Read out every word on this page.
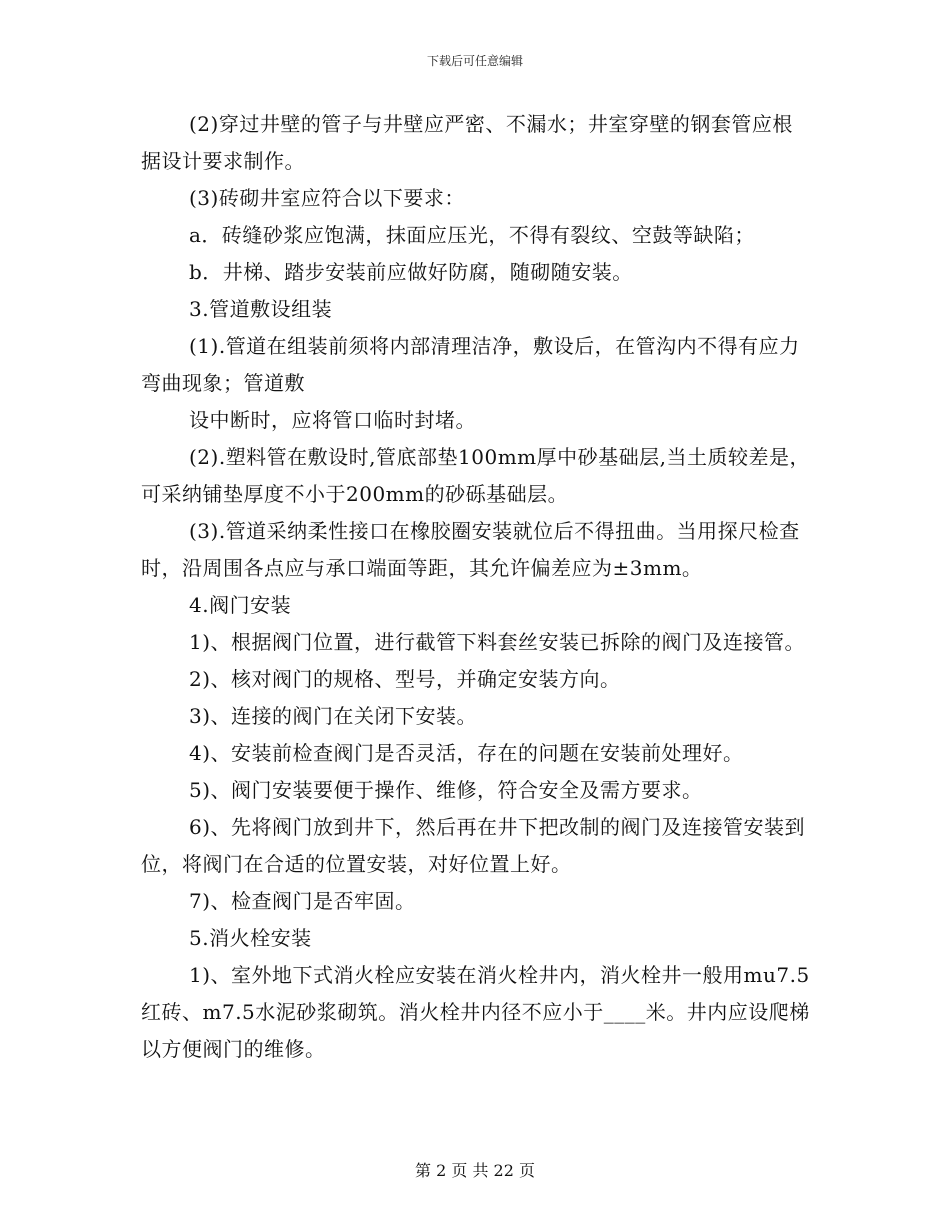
下载后可任意编辑

(2)穿过井壁的管子与井壁应严密、不漏水；井室穿壁的钢套管应根据设计要求制作。

(3)砖砌井室应符合以下要求：

a．砖缝砂浆应饱满，抹面应压光，不得有裂纹、空鼓等缺陷；

b．井梯、踏步安装前应做好防腐，随砌随安装。

3.管道敷设组装

(1).管道在组装前须将内部清理洁净，敷设后，在管沟内不得有应力弯曲现象；管道敷

设中断时，应将管口临时封堵。

(2).塑料管在敷设时,管底部垫100mm厚中砂基础层,当土质较差是，可采纳铺垫厚度不小于200mm的砂砾基础层。

(3).管道采纳柔性接口在橡胶圈安装就位后不得扭曲。当用探尺检查时，沿周围各点应与承口端面等距，其允许偏差应为±3mm。

4.阀门安装

1)、根据阀门位置，进行截管下料套丝安装已拆除的阀门及连接管。

2)、核对阀门的规格、型号，并确定安装方向。

3)、连接的阀门在关闭下安装。

4)、安装前检查阀门是否灵活，存在的问题在安装前处理好。

5)、阀门安装要便于操作、维修，符合安全及需方要求。

6)、先将阀门放到井下，然后再在井下把改制的阀门及连接管安装到位，将阀门在合适的位置安装，对好位置上好。

7)、检查阀门是否牢固。

5.消火栓安装

1)、室外地下式消火栓应安装在消火栓井内，消火栓井一般用mu7.5红砖、m7.5水泥砂浆砌筑。消火栓井内径不应小于____米。井内应设爬梯以方便阀门的维修。

第 2 页 共 22 页
